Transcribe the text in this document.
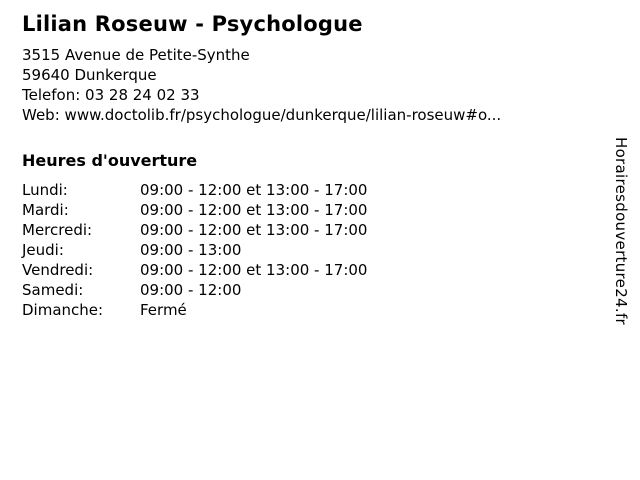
Lilian Roseuw - Psychologue
3515 Avenue de Petite-Synthe
59640 Dunkerque
Telefon: 03 28 24 02 33
Web: www.doctolib.fr/psychologue/dunkerque/lilian-roseuw#o...
Heures d'ouverture
Lundi:	09:00 - 12:00 et 13:00 - 17:00
Mardi:	09:00 - 12:00 et 13:00 - 17:00
Mercredi:	09:00 - 12:00 et 13:00 - 17:00
Jeudi:	09:00 - 13:00
Vendredi:	09:00 - 12:00 et 13:00 - 17:00
Samedi:	09:00 - 12:00
Dimanche:	Fermé	Horairesdouverture24.fr
